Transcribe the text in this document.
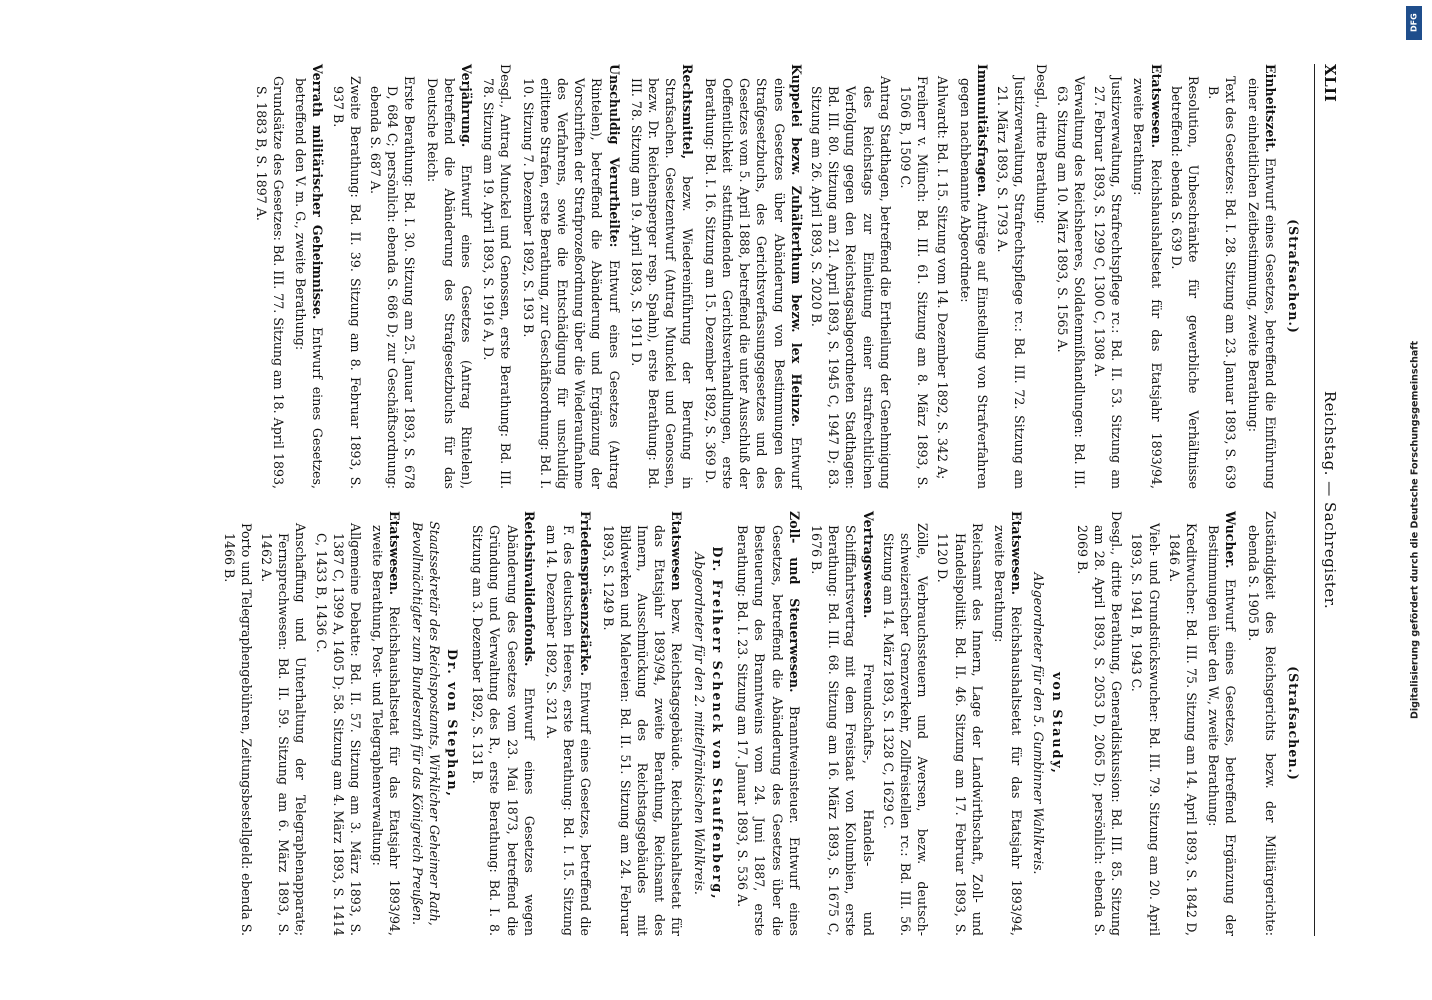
XLII
Reichstag. — Sachregister.
(Strafsachen.)
Einheitszeit. Entwurf eines Gesetzes, betreffend die Einführung einer einheitlichen Zeitbestimmung, zweite Berathung:
Text des Gesetzes: Bd. I. 28. Sitzung am 23. Januar 1893, S. 639 B.
Resolution, Unbeschränkte für gewerbliche Verhältnisse betreffend: ebenda S. 639 D.
Etatswesen. Reichshaushaltsetat für das Etatsjahr 1893/94, zweite Berathung:
Justizverwaltung, Strafrechtspflege rc.: Bd. II. 53. Sitzung am 27. Februar 1893, S. 1299 C, 1300 C, 1308 A.
Verwaltung des Reichsheeres, Soldatenmißhandlungen: Bd. III. 63. Sitzung am 10. März 1893, S. 1565 A.
Desgl., dritte Berathung:
Justizverwaltung, Strafrechtspflege rc.: Bd. III. 72. Sitzung am 21. März 1893, S. 1793 A.
Immunitätsfragen. Anträge auf Einstellung von Strafverfahren gegen nachbenannte Abgeordnete:
Ahlwardt: Bd. I. 15. Sitzung vom 14. Dezember 1892, S. 342 A;
Freiherr v. Münch: Bd. III. 61. Sitzung am 8. März 1893, S. 1506 B, 1509 C.
Antrag Stadthagen, betreffend die Ertheilung der Genehmigung des Reichstags zur Einleitung einer strafrechtlichen Verfolgung gegen den Reichstagsabgeordneten Stadthagen: Bd. III. 80. Sitzung am 21. April 1893, S. 1945 C, 1947 D; 83. Sitzung am 26. April 1893, S. 2020 B.
Kuppelei bezw. Zuhälterthum bezw. lex Heinze. Entwurf eines Gesetzes über Abänderung von Bestimmungen des Strafgesetzbuchs, des Gerichtsverfassungsgesetzes und des Gesetzes vom 5. April 1888, betreffend die unter Ausschluß der Oeffentlichkeit stattfindenden Gerichtsverhandlungen, erste Berathung: Bd. I. 16. Sitzung am 15. Dezember 1892, S. 369 D.
Rechtsmittel, bezw. Wiedereinführung der Berufung in Strafsachen. Gesetzentwurf (Antrag Munckel und Genossen, bezw. Dr. Reichensperger resp. Spahn), erste Berathung: Bd. III. 78. Sitzung am 19. April 1893, S. 1911 D.
Unschuldig Verurtheilte: Entwurf eines Gesetzes (Antrag Rintelen), betreffend die Abänderung und Ergänzung der Vorschriften der Strafprozeßordnung über die Wiederaufnahme des Verfahrens, sowie die Entschädigung für unschuldig erlittene Strafen, erste Berathung, zur Geschäftsordnung: Bd. I. 10. Sitzung 7. Dezember 1892, S. 193 B.
Desgl., Antrag Munckel und Genossen, erste Berathung: Bd. III. 78. Sitzung am 19. April 1893, S. 1916 A, D.
Verjährung. Entwurf eines Gesetzes (Antrag Rintelen), betreffend die Abänderung des Strafgesetzbuchs für das Deutsche Reich:
Erste Berathung: Bd. I. 30. Sitzung am 25. Januar 1893, S. 678 D, 684 C; persönlich: ebenda S. 686 D; zur Geschäftsordnung: ebenda S. 687 A.
Zweite Berathung: Bd. II. 39. Sitzung am 8. Februar 1893, S. 937 B.
Verrath militärischer Geheimnisse. Entwurf eines Gesetzes, betreffend den V. m. G., zweite Berathung:
Grundsätze des Gesetzes: Bd. III. 77. Sitzung am 18. April 1893, S. 1883 B, S. 1897 A.
(Strafsachen.)
Zuständigkeit des Reichsgerichts bezw. der Militärgerichte: ebenda S. 1905 B.
Wucher. Entwurf eines Gesetzes, betreffend Ergänzung der Bestimmungen über den W., zweite Berathung:
Kreditwucher: Bd. III. 75. Sitzung am 14. April 1893, S. 1842 D, 1846 A.
Vieh- und Grundstückswucher: Bd. III. 79. Sitzung am 20. April 1893, S. 1941 B, 1943 C.
Desgl., dritte Berathung, Generaldiskussion: Bd. III. 85. Sitzung am 28. April 1893, S. 2053 D, 2065 D; persönlich: ebenda S. 2069 B.
von Staudy,
Abgeordneter für den 5. Gumbinner Wahlkreis.
Etatswesen. Reichshaushaltsetat für das Etatsjahr 1893/94, zweite Berathung:
Reichsamt des Innern, Lage der Landwirthschaft, Zoll- und Handelspolitik: Bd. II. 46. Sitzung am 17. Februar 1893, S. 1120 D.
Zölle, Verbrauchssteuern und Aversen, bezw. deutsch-schweizerischer Grenzverkehr, Zollfreistellen rc.: Bd. III. 56. Sitzung am 14. März 1893, S. 1328 C, 1629 C.
Vertragswesen. Freundschafts-, Handels- und Schifffahrtsvertrag mit dem Freistaat von Kolumbien, erste Berathung: Bd. III. 68. Sitzung am 16. März 1893, S. 1675 C, 1676 B.
Zoll- und Steuerwesen. Branntweinsteuer. Entwurf eines Gesetzes, betreffend die Abänderung des Gesetzes über die Besteuerung des Branntweins vom 24. Juni 1887, erste Berathung: Bd. I. 23. Sitzung am 17. Januar 1893, S. 536 A.
Dr. Freiherr Schenck von Stauffenberg,
Abgeordneter für den 2. mittelfränkischen Wahlkreis.
Etatswesen bezw. Reichstagsgebäude. Reichshaushaltsetat für das Etatsjahr 1893/94, zweite Berathung, Reichsamt des Innern, Ausschmückung des Reichstagsgebäudes mit Bildwerken und Malereien: Bd. II. 51. Sitzung am 24. Februar 1893, S. 1249 B.
Friedenspräsenzstärke. Entwurf eines Gesetzes, betreffend die F. des deutschen Heeres, erste Berathung: Bd. I. 15. Sitzung am 14. Dezember 1892, S. 321 A.
Reichsinvalidenfonds. Entwurf eines Gesetzes wegen Abänderung des Gesetzes vom 23. Mai 1873, betreffend die Gründung und Verwaltung des R., erste Berathung: Bd. I. 8. Sitzung am 3. Dezember 1892, S. 131 B.
Dr. von Stephan,
Staatssekretär des Reichspostamts, Wirklicher Geheimer Rath, Bevollmächtigter zum Bundesrath für das Königreich Preußen.
Etatswesen. Reichshaushaltsetat für das Etatsjahr 1893/94, zweite Berathung, Post- und Telegraphenverwaltung:
Allgemeine Debatte: Bd. II. 57. Sitzung am 3. März 1893, S. 1387 C, 1399 A, 1405 D; 58. Sitzung am 4. März 1893, S. 1414 C, 1433 B, 1436 C.
Anschaffung und Unterhaltung der Telegraphenapparate; Fernsprechwesen: Bd. II. 59. Sitzung am 6. März 1893, S. 1462 A.
Porto und Telegraphengebühren, Zeitungsbestellgeld: ebenda S. 1466 B.
DFG
Digitalisierung gefördert durch die Deutsche Forschungsgemeinschaft
